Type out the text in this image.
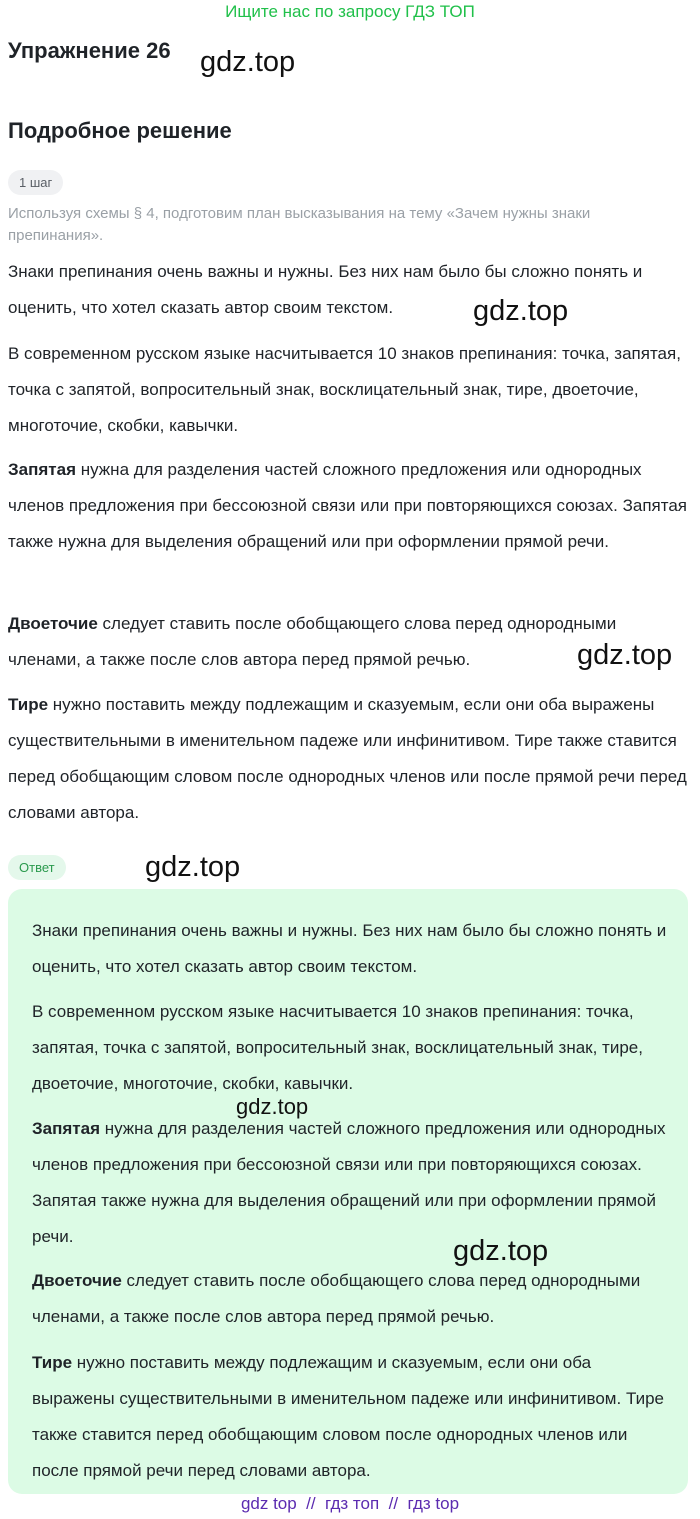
Ищите нас по запросу ГДЗ ТОП
Упражнение 26 gdz.top
Подробное решение
1 шаг
Используя схемы § 4, подготовим план высказывания на тему «Зачем нужны знаки препинания».

Знаки препинания очень важны и нужны. Без них нам было бы сложно понять и оценить, что хотел сказать автор своим текстом.	gdz.top

В современном русском языке насчитывается 10 знаков препинания: точка, запятая, точка с запятой, вопросительный знак, восклицательный знак, тире, двоеточие, многоточие, скобки, кавычки.

Запятая нужна для разделения частей сложного предложения или однородных членов предложения при бессоюзной связи или при повторяющихся союзах. Запятая также нужна для выделения обращений или при оформлении прямой речи.

Двоеточие следует ставить после обобщающего слова перед однородными членами, а также после слов автора перед прямой речью.	gdz.top

Тире нужно поставить между подлежащим и сказуемым, если они оба выражены существительными в именительном падеже или инфинитивом. Тире также ставится перед обобщающим словом после однородных членов или после прямой речи перед словами автора.

Ответ	gdz.top

Знаки препинания очень важны и нужны. Без них нам было бы сложно понять и оценить, что хотел сказать автор своим текстом.

В современном русском языке насчитывается 10 знаков препинания: точка, запятая, точка с запятой, вопросительный знак, восклицательный знак, тире, двоеточие, многоточие, скобки, кавычки.

gdz.top

Запятая нужна для разделения частей сложного предложения или однородных членов предложения при бессоюзной связи или при повторяющихся союзах. Запятая также нужна для выделения обращений или при оформлении прямой речи.	gdz.top

Двоеточие следует ставить после обобщающего слова перед однородными членами, а также после слов автора перед прямой речью.

Тире нужно поставить между подлежащим и сказуемым, если они оба выражены существительными в именительном падеже или инфинитивом. Тире также ставится перед обобщающим словом после однородных членов или после прямой речи перед словами автора.

gdz top  //  гдз топ  //  гдз top
